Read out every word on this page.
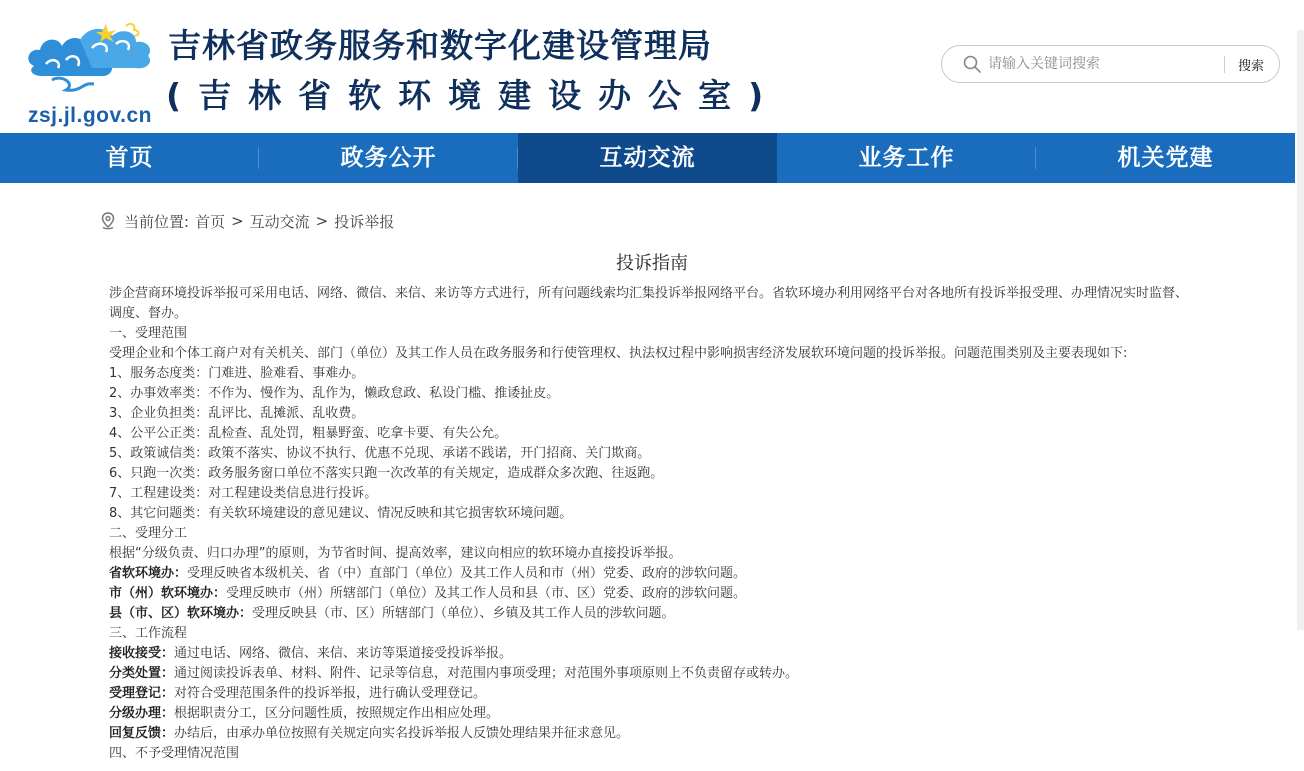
zsj.jl.gov.cn
吉林省政务服务和数字化建设管理局
(吉林省软环境建设办公室)
请输入关键词搜索
搜索
首页	政务公开	互动交流	业务工作	机关党建
当前位置: 首页 > 互动交流 > 投诉举报
投诉指南

涉企营商环境投诉举报可采用电话、网络、微信、来信、来访等方式进行，所有问题线索均汇集投诉举报网络平台。省软环境办利用网络平台对各地所有投诉举报受理、办理情况实时监督、调度、督办。

一、受理范围

受理企业和个体工商户对有关机关、部门（单位）及其工作人员在政务服务和行使管理权、执法权过程中影响损害经济发展软环境问题的投诉举报。问题范围类别及主要表现如下:

1、服务态度类：门难进、脸难看、事难办。

2、办事效率类：不作为、慢作为、乱作为，懒政怠政、私设门槛、推诿扯皮。

3、企业负担类：乱评比、乱摊派、乱收费。

4、公平公正类：乱检查、乱处罚，粗暴野蛮、吃拿卡要、有失公允。

5、政策诚信类：政策不落实、协议不执行、优惠不兑现、承诺不践诺，开门招商、关门欺商。

6、只跑一次类：政务服务窗口单位不落实只跑一次改革的有关规定，造成群众多次跑、往返跑。

7、工程建设类：对工程建设类信息进行投诉。

8、其它问题类：有关软环境建设的意见建议、情况反映和其它损害软环境问题。

二、受理分工

根据“分级负责、归口办理”的原则，为节省时间、提高效率，建议向相应的软环境办直接投诉举报。

省软环境办：受理反映省本级机关、省（中）直部门（单位）及其工作人员和市（州）党委、政府的涉软问题。

市（州）软环境办：受理反映市（州）所辖部门（单位）及其工作人员和县（市、区）党委、政府的涉软问题。

县（市、区）软环境办：受理反映县（市、区）所辖部门（单位）、乡镇及其工作人员的涉软问题。

三、工作流程

接收接受：通过电话、网络、微信、来信、来访等渠道接受投诉举报。

分类处置：通过阅读投诉表单、材料、附件、记录等信息，对范围内事项受理；对范围外事项原则上不负责留存或转办。

受理登记：对符合受理范围条件的投诉举报，进行确认受理登记。

分级办理：根据职责分工，区分问题性质，按照规定作出相应处理。

回复反馈：办结后，由承办单位按照有关规定向实名投诉举报人反馈处理结果并征求意见。

四、不予受理情况范围
